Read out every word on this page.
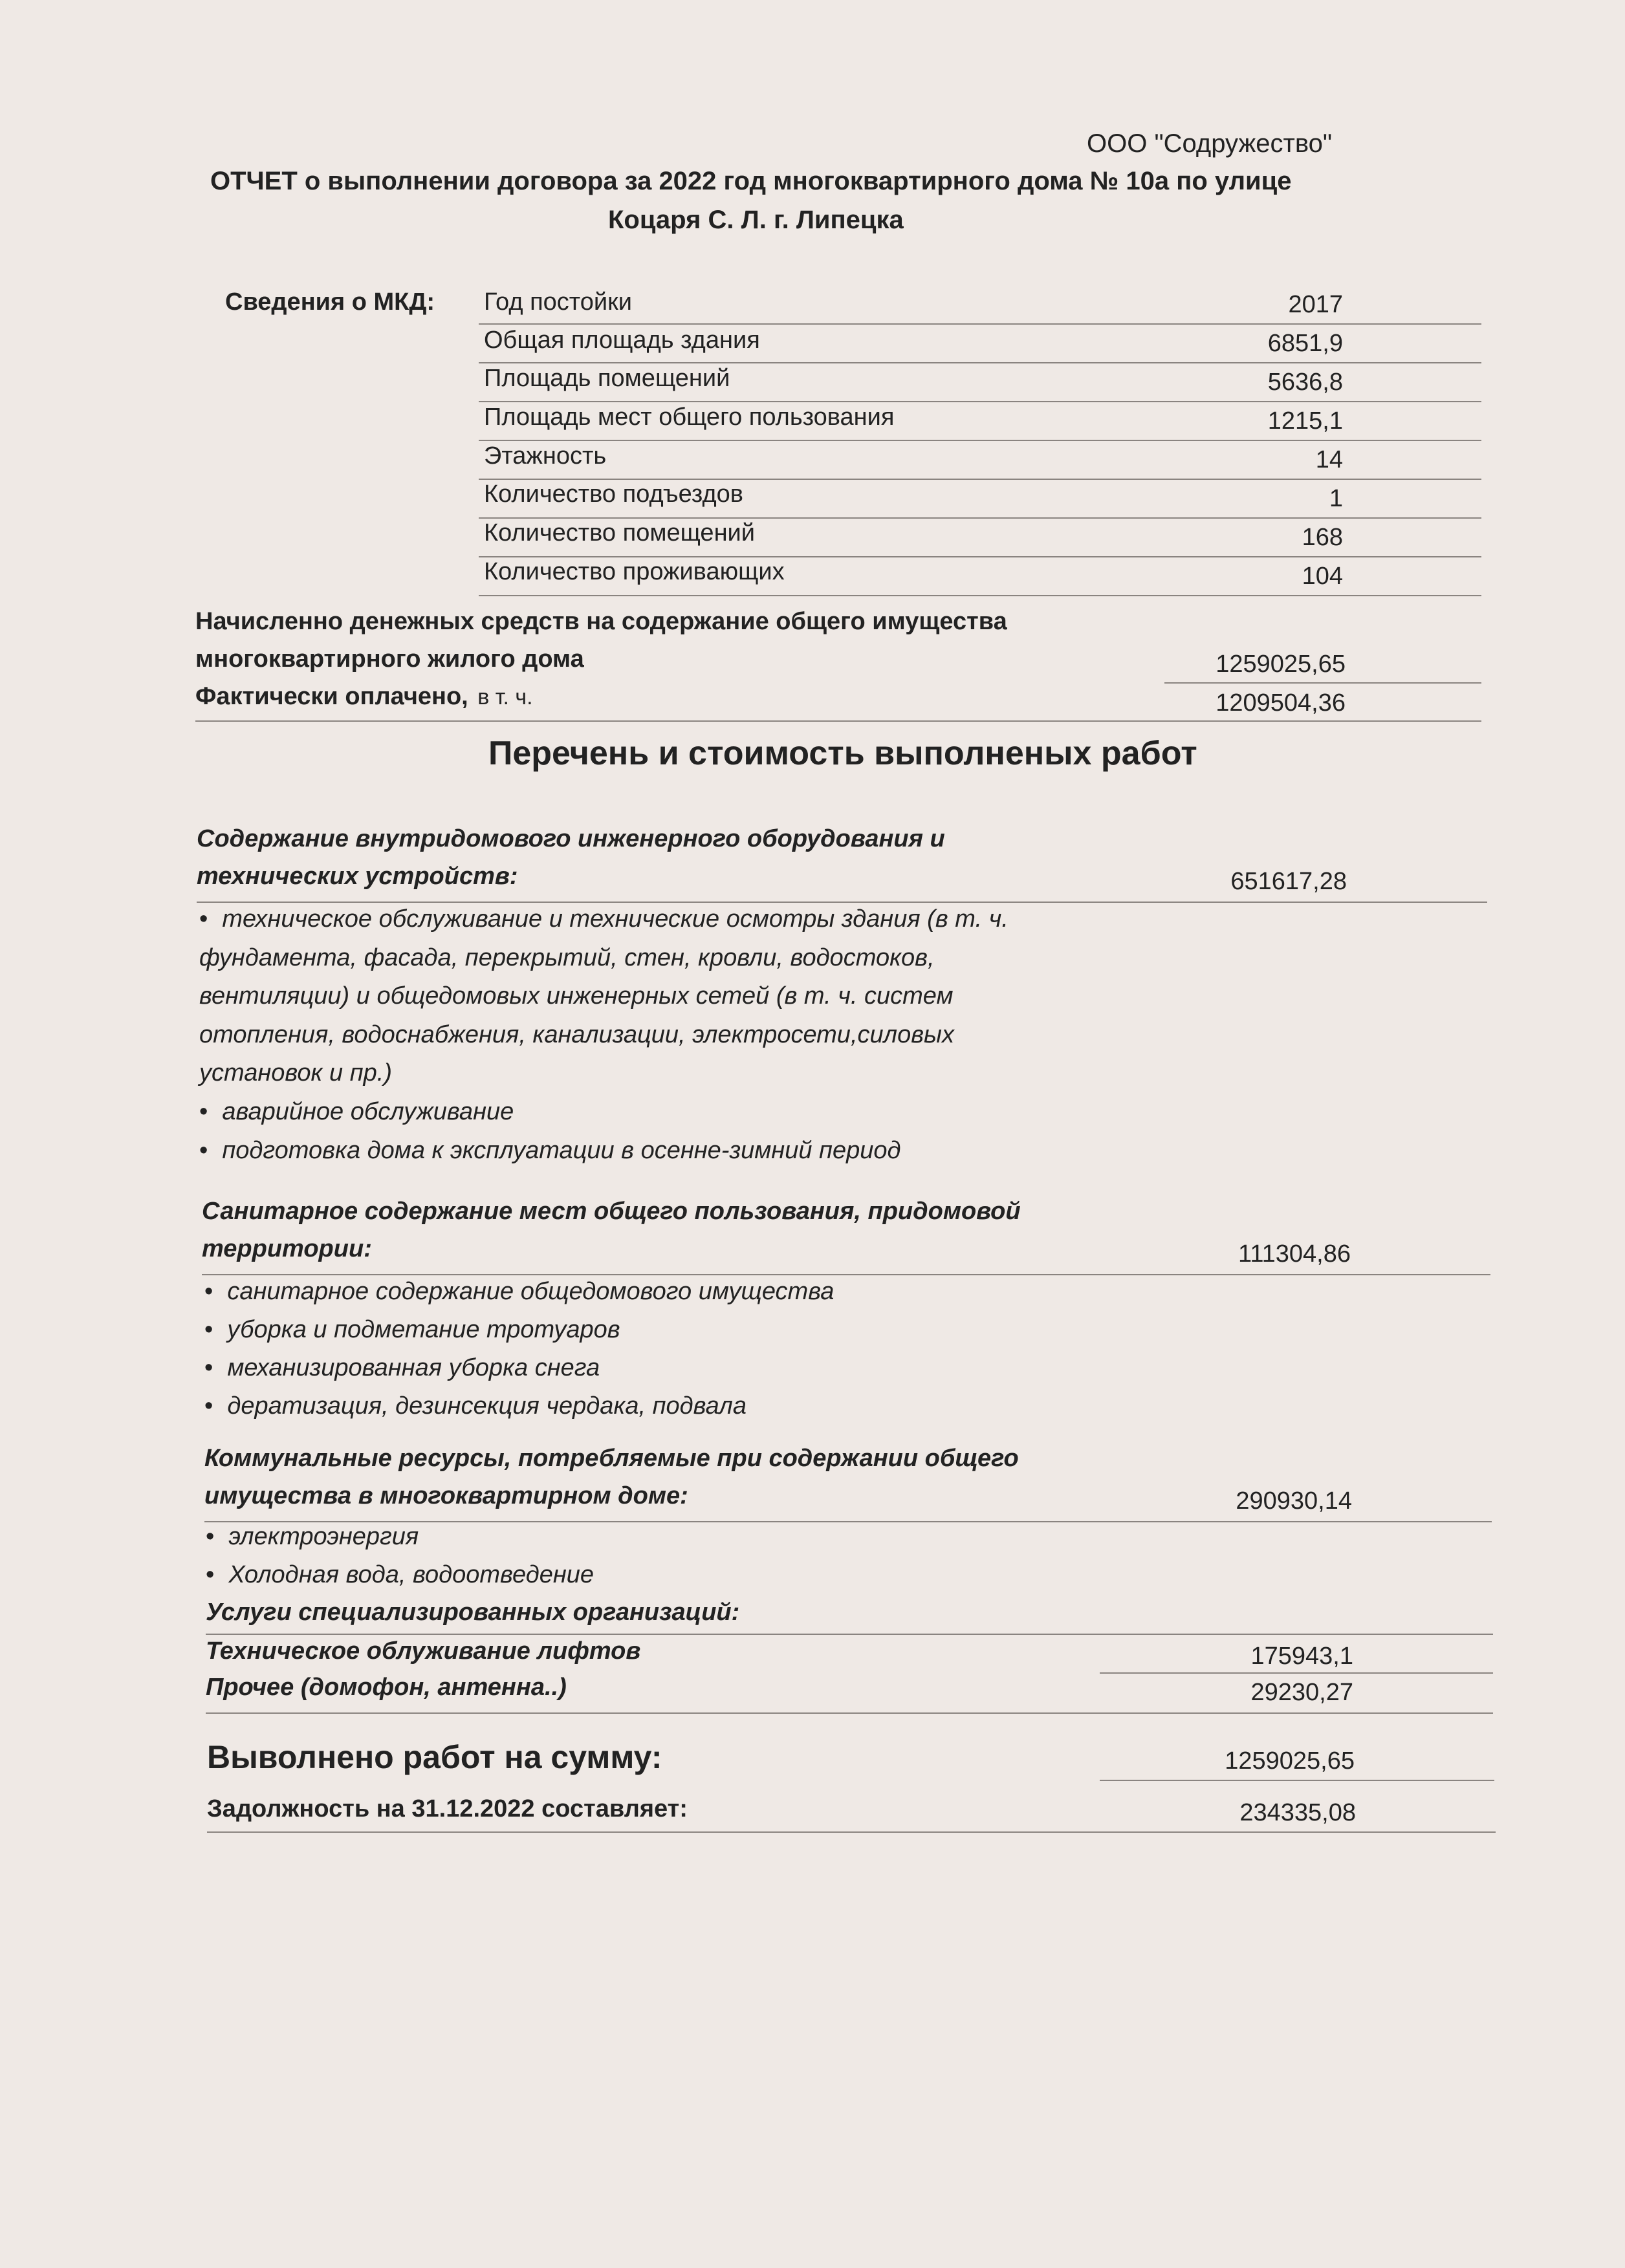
ООО "Содружество"
ОТЧЕТ о выполнении договора за 2022 год многоквартирного дома № 10а по улице
Коцаря С. Л. г. Липецка
Сведения о МКД: Год постойки	2017
Общая площадь здания	6851,9
Площадь помещений	5636,8
Площадь мест общего пользования	1215,1
Этажность	14
Количество подъездов	1
Количество помещений	168
Количество проживающих	104
Начисленно денежных средств на содержание общего имущества
многоквартирного жилого дома	1259025,65
Фактически оплачено, в т. ч.	1209504,36
Перечень и стоимость выполненых работ
Содержание внутридомового инженерного оборудования и
технических устройств:	651617,28
• техническое обслуживание и технические осмотры здания (в т. ч.
фундамента, фасада, перекрытий, стен, кровли, водостоков,
вентиляции) и общедомовых инженерных сетей (в т. ч. систем
отопления, водоснабжения, канализации, электросети,силовых
установок и пр.)
• аварийное обслуживание
• подготовка дома к эксплуатации в осенне-зимний период
Санитарное содержание мест общего пользования, придомовой
территории:	111304,86
• санитарное содержание общедомового имущества
• уборка и подметание тротуаров
• механизированная уборка снега
• дератизация, дезинсекция чердака, подвала
Коммунальные ресурсы, потребляемые при содержании общего
имущества в многоквартирном доме:	290930,14
• электроэнергия
• Холодная вода, водоотведение
Услуги специализированных организаций:
Техническое облуживание лифтов	175943,1
Прочее (домофон, антенна..)	29230,27
Выволнено работ на сумму:	1259025,65
Задолжность на 31.12.2022 составляет:	234335,08
